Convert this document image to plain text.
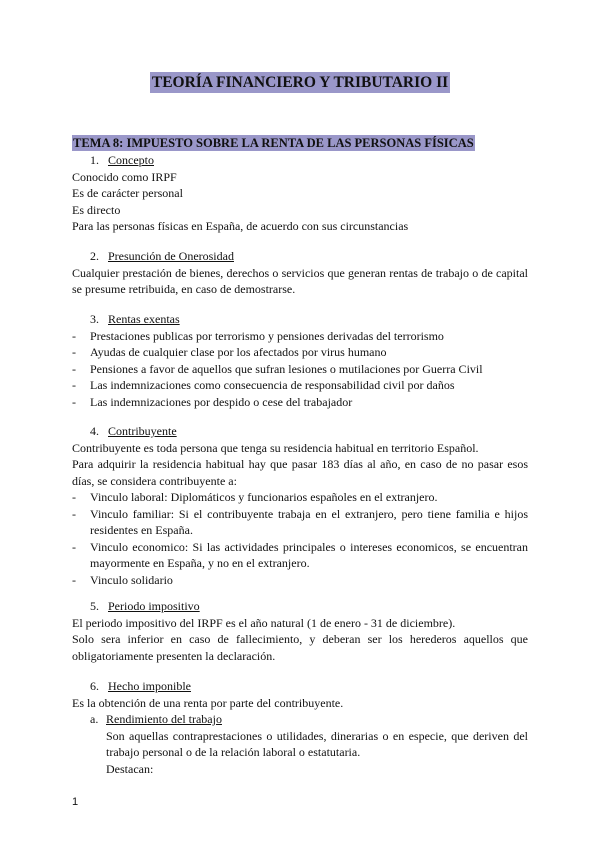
TEORÍA FINANCIERO Y TRIBUTARIO II
TEMA 8: IMPUESTO SOBRE LA RENTA DE LAS PERSONAS FÍSICAS
1. Concepto
Conocido como IRPF
Es de carácter personal
Es directo
Para las personas físicas en España, de acuerdo con sus circunstancias
2. Presunción de Onerosidad
Cualquier prestación de bienes, derechos o servicios que generan rentas de trabajo o de capital se presume retribuida, en caso de demostrarse.
3. Rentas exentas
- Prestaciones publicas por terrorismo y pensiones derivadas del terrorismo
- Ayudas de cualquier clase por los afectados por virus humano
- Pensiones a favor de aquellos que sufran lesiones o mutilaciones por Guerra Civil
- Las indemnizaciones como consecuencia de responsabilidad civil por daños
- Las indemnizaciones por despido o cese del trabajador
4. Contribuyente
Contribuyente es toda persona que tenga su residencia habitual en territorio Español.
Para adquirir la residencia habitual hay que pasar 183 días al año, en caso de no pasar esos días, se considera contribuyente a:
- Vinculo laboral: Diplomáticos y funcionarios españoles en el extranjero.
- Vinculo familiar: Si el contribuyente trabaja en el extranjero, pero tiene familia e hijos residentes en España.
- Vinculo economico: Si las actividades principales o intereses economicos, se encuentran mayormente en España, y no en el extranjero.
- Vinculo solidario
5. Periodo impositivo
El periodo impositivo del IRPF es el año natural (1 de enero - 31 de diciembre).
Solo sera inferior en caso de fallecimiento, y deberan ser los herederos aquellos que obligatoriamente presenten la declaración.
6. Hecho imponible
Es la obtención de una renta por parte del contribuyente.
a. Rendimiento del trabajo
Son aquellas contraprestaciones o utilidades, dinerarias o en especie, que deriven del trabajo personal o de la relación laboral o estatutaria.
Destacan:
1
